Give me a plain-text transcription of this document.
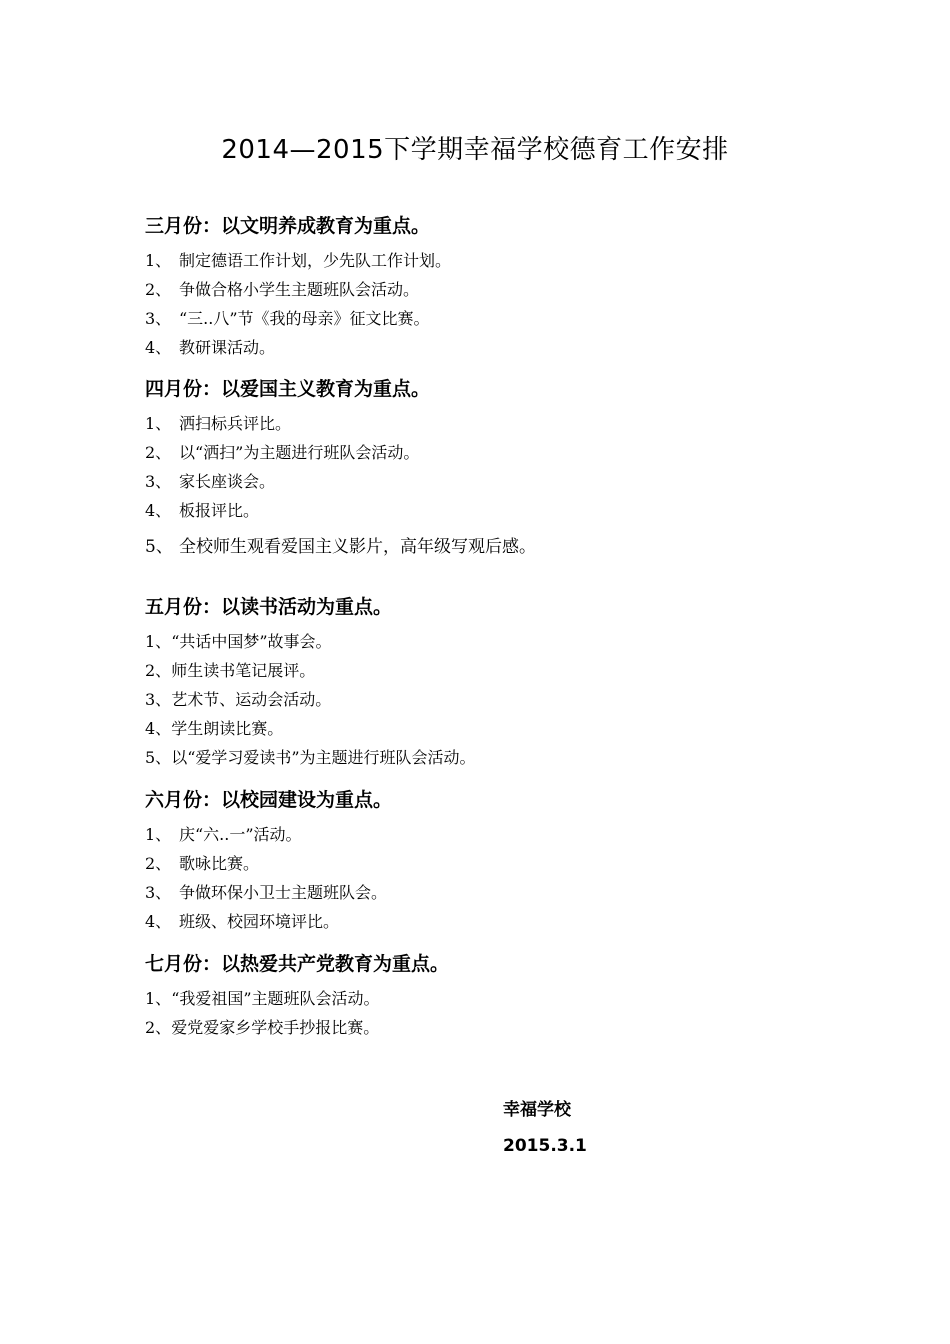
2014—2015下学期幸福学校德育工作安排
三月份：以文明养成教育为重点。
1、 制定德语工作计划，少先队工作计划。
2、 争做合格小学生主题班队会活动。
3、 “三..八”节《我的母亲》征文比赛。
4、 教研课活动。
四月份：以爱国主义教育为重点。
1、 洒扫标兵评比。
2、 以“洒扫”为主题进行班队会活动。
3、 家长座谈会。
4、 板报评比。
5、 全校师生观看爱国主义影片，高年级写观后感。
五月份：以读书活动为重点。
1、“共话中国梦”故事会。
2、师生读书笔记展评。
3、艺术节、运动会活动。
4、学生朗读比赛。
5、以“爱学习爱读书”为主题进行班队会活动。
六月份：以校园建设为重点。
1、 庆“六..一”活动。
2、 歌咏比赛。
3、 争做环保小卫士主题班队会。
4、 班级、校园环境评比。
七月份：以热爱共产党教育为重点。
1、“我爱祖国”主题班队会活动。
2、爱党爱家乡学校手抄报比赛。
幸福学校
2015.3.1
